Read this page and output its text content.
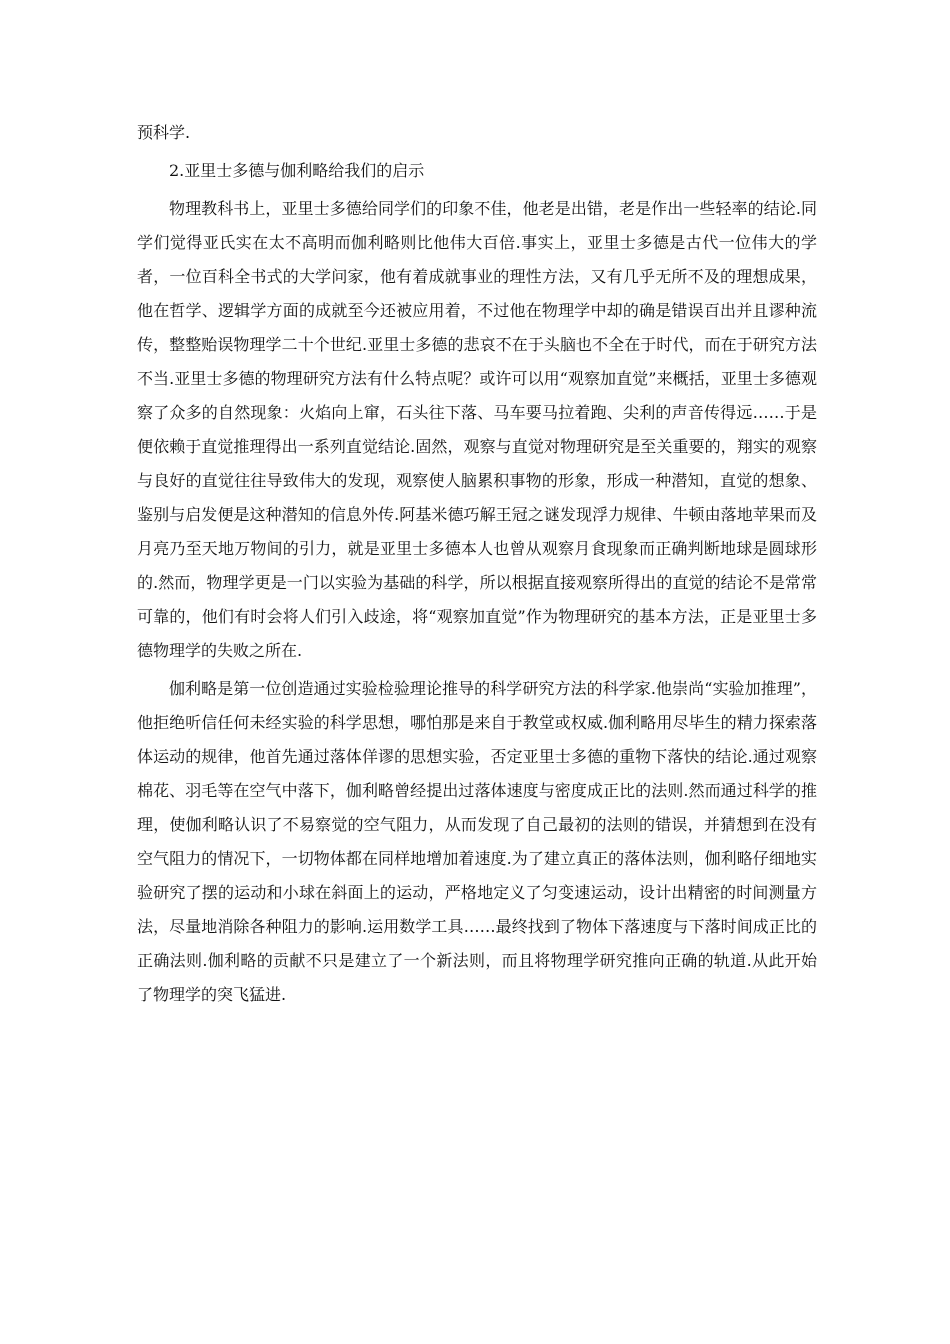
预科学.

2.亚里士多德与伽利略给我们的启示

物理教科书上，亚里士多德给同学们的印象不佳，他老是出错，老是作出一些轻率的结论.同学们觉得亚氏实在太不高明而伽利略则比他伟大百倍.事实上，亚里士多德是古代一位伟大的学者，一位百科全书式的大学问家，他有着成就事业的理性方法，又有几乎无所不及的理想成果，他在哲学、逻辑学方面的成就至今还被应用着，不过他在物理学中却的确是错误百出并且谬种流传，整整贻误物理学二十个世纪.亚里士多德的悲哀不在于头脑也不全在于时代，而在于研究方法不当.亚里士多德的物理研究方法有什么特点呢？或许可以用“观察加直觉”来概括，亚里士多德观察了众多的自然现象：火焰向上窜，石头往下落、马车要马拉着跑、尖利的声音传得远……于是便依赖于直觉推理得出一系列直觉结论.固然，观察与直觉对物理研究是至关重要的，翔实的观察与良好的直觉往往导致伟大的发现，观察使人脑累积事物的形象，形成一种潜知，直觉的想象、鉴别与启发便是这种潜知的信息外传.阿基米德巧解王冠之谜发现浮力规律、牛顿由落地苹果而及月亮乃至天地万物间的引力，就是亚里士多德本人也曾从观察月食现象而正确判断地球是圆球形的.然而，物理学更是一门以实验为基础的科学，所以根据直接观察所得出的直觉的结论不是常常可靠的，他们有时会将人们引入歧途，将“观察加直觉”作为物理研究的基本方法，正是亚里士多德物理学的失败之所在.

伽利略是第一位创造通过实验检验理论推导的科学研究方法的科学家.他崇尚“实验加推理”，他拒绝听信任何未经实验的科学思想，哪怕那是来自于教堂或权威.伽利略用尽毕生的精力探索落体运动的规律，他首先通过落体佯谬的思想实验，否定亚里士多德的重物下落快的结论.通过观察棉花、羽毛等在空气中落下，伽利略曾经提出过落体速度与密度成正比的法则.然而通过科学的推理，使伽利略认识了不易察觉的空气阻力，从而发现了自己最初的法则的错误，并猜想到在没有空气阻力的情况下，一切物体都在同样地增加着速度.为了建立真正的落体法则，伽利略仔细地实验研究了摆的运动和小球在斜面上的运动，严格地定义了匀变速运动，设计出精密的时间测量方法，尽量地消除各种阻力的影响.运用数学工具……最终找到了物体下落速度与下落时间成正比的正确法则.伽利略的贡献不只是建立了一个新法则，而且将物理学研究推向正确的轨道.从此开始了物理学的突飞猛进.
